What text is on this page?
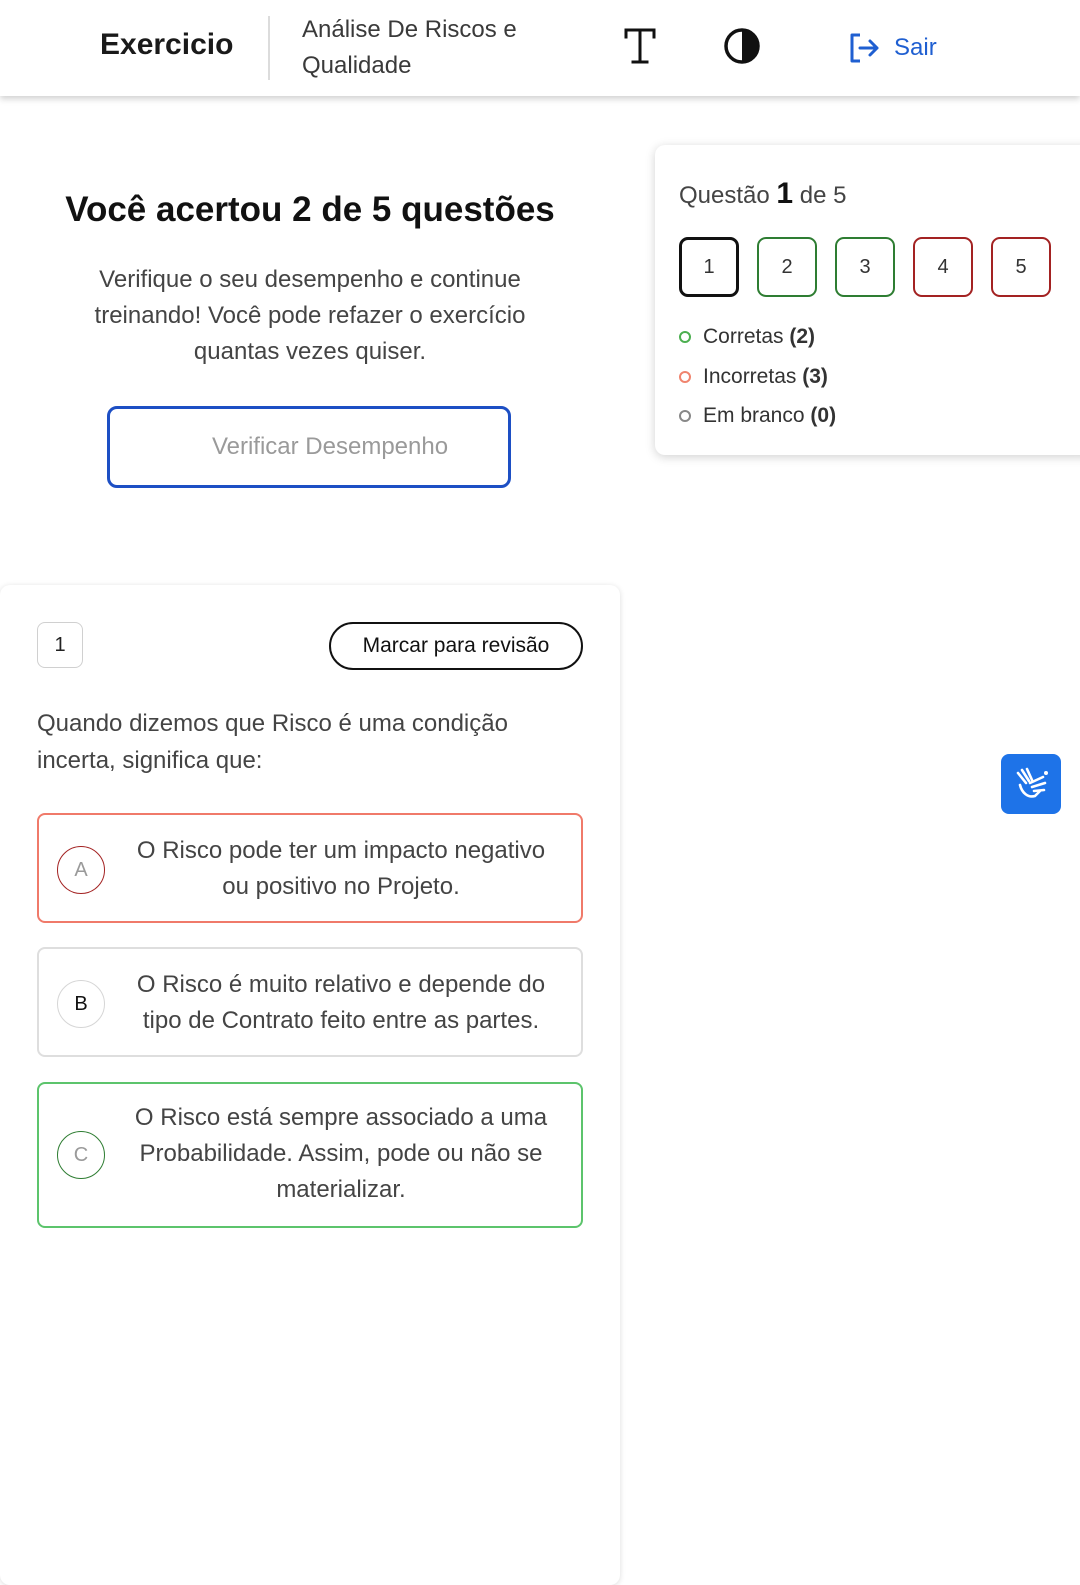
Exercicio	Análise De Riscos e
Qualidade
Sair
Você acertou 2 de 5 questões
Verifique o seu desempenho e continue
treinando! Você pode refazer o exercício
quantas vezes quiser.
Verificar Desempenho
Questão 1 de 5
1	2	3	4	5
Corretas (2)
Incorretas (3)
Em branco (0)
1	Marcar para revisão
Quando dizemos que Risco é uma condição
incerta, significa que:
A
O Risco pode ter um impacto negativo
ou positivo no Projeto.
B
O Risco é muito relativo e depende do
tipo de Contrato feito entre as partes.
C
O Risco está sempre associado a uma
Probabilidade. Assim, pode ou não se
materializar.
